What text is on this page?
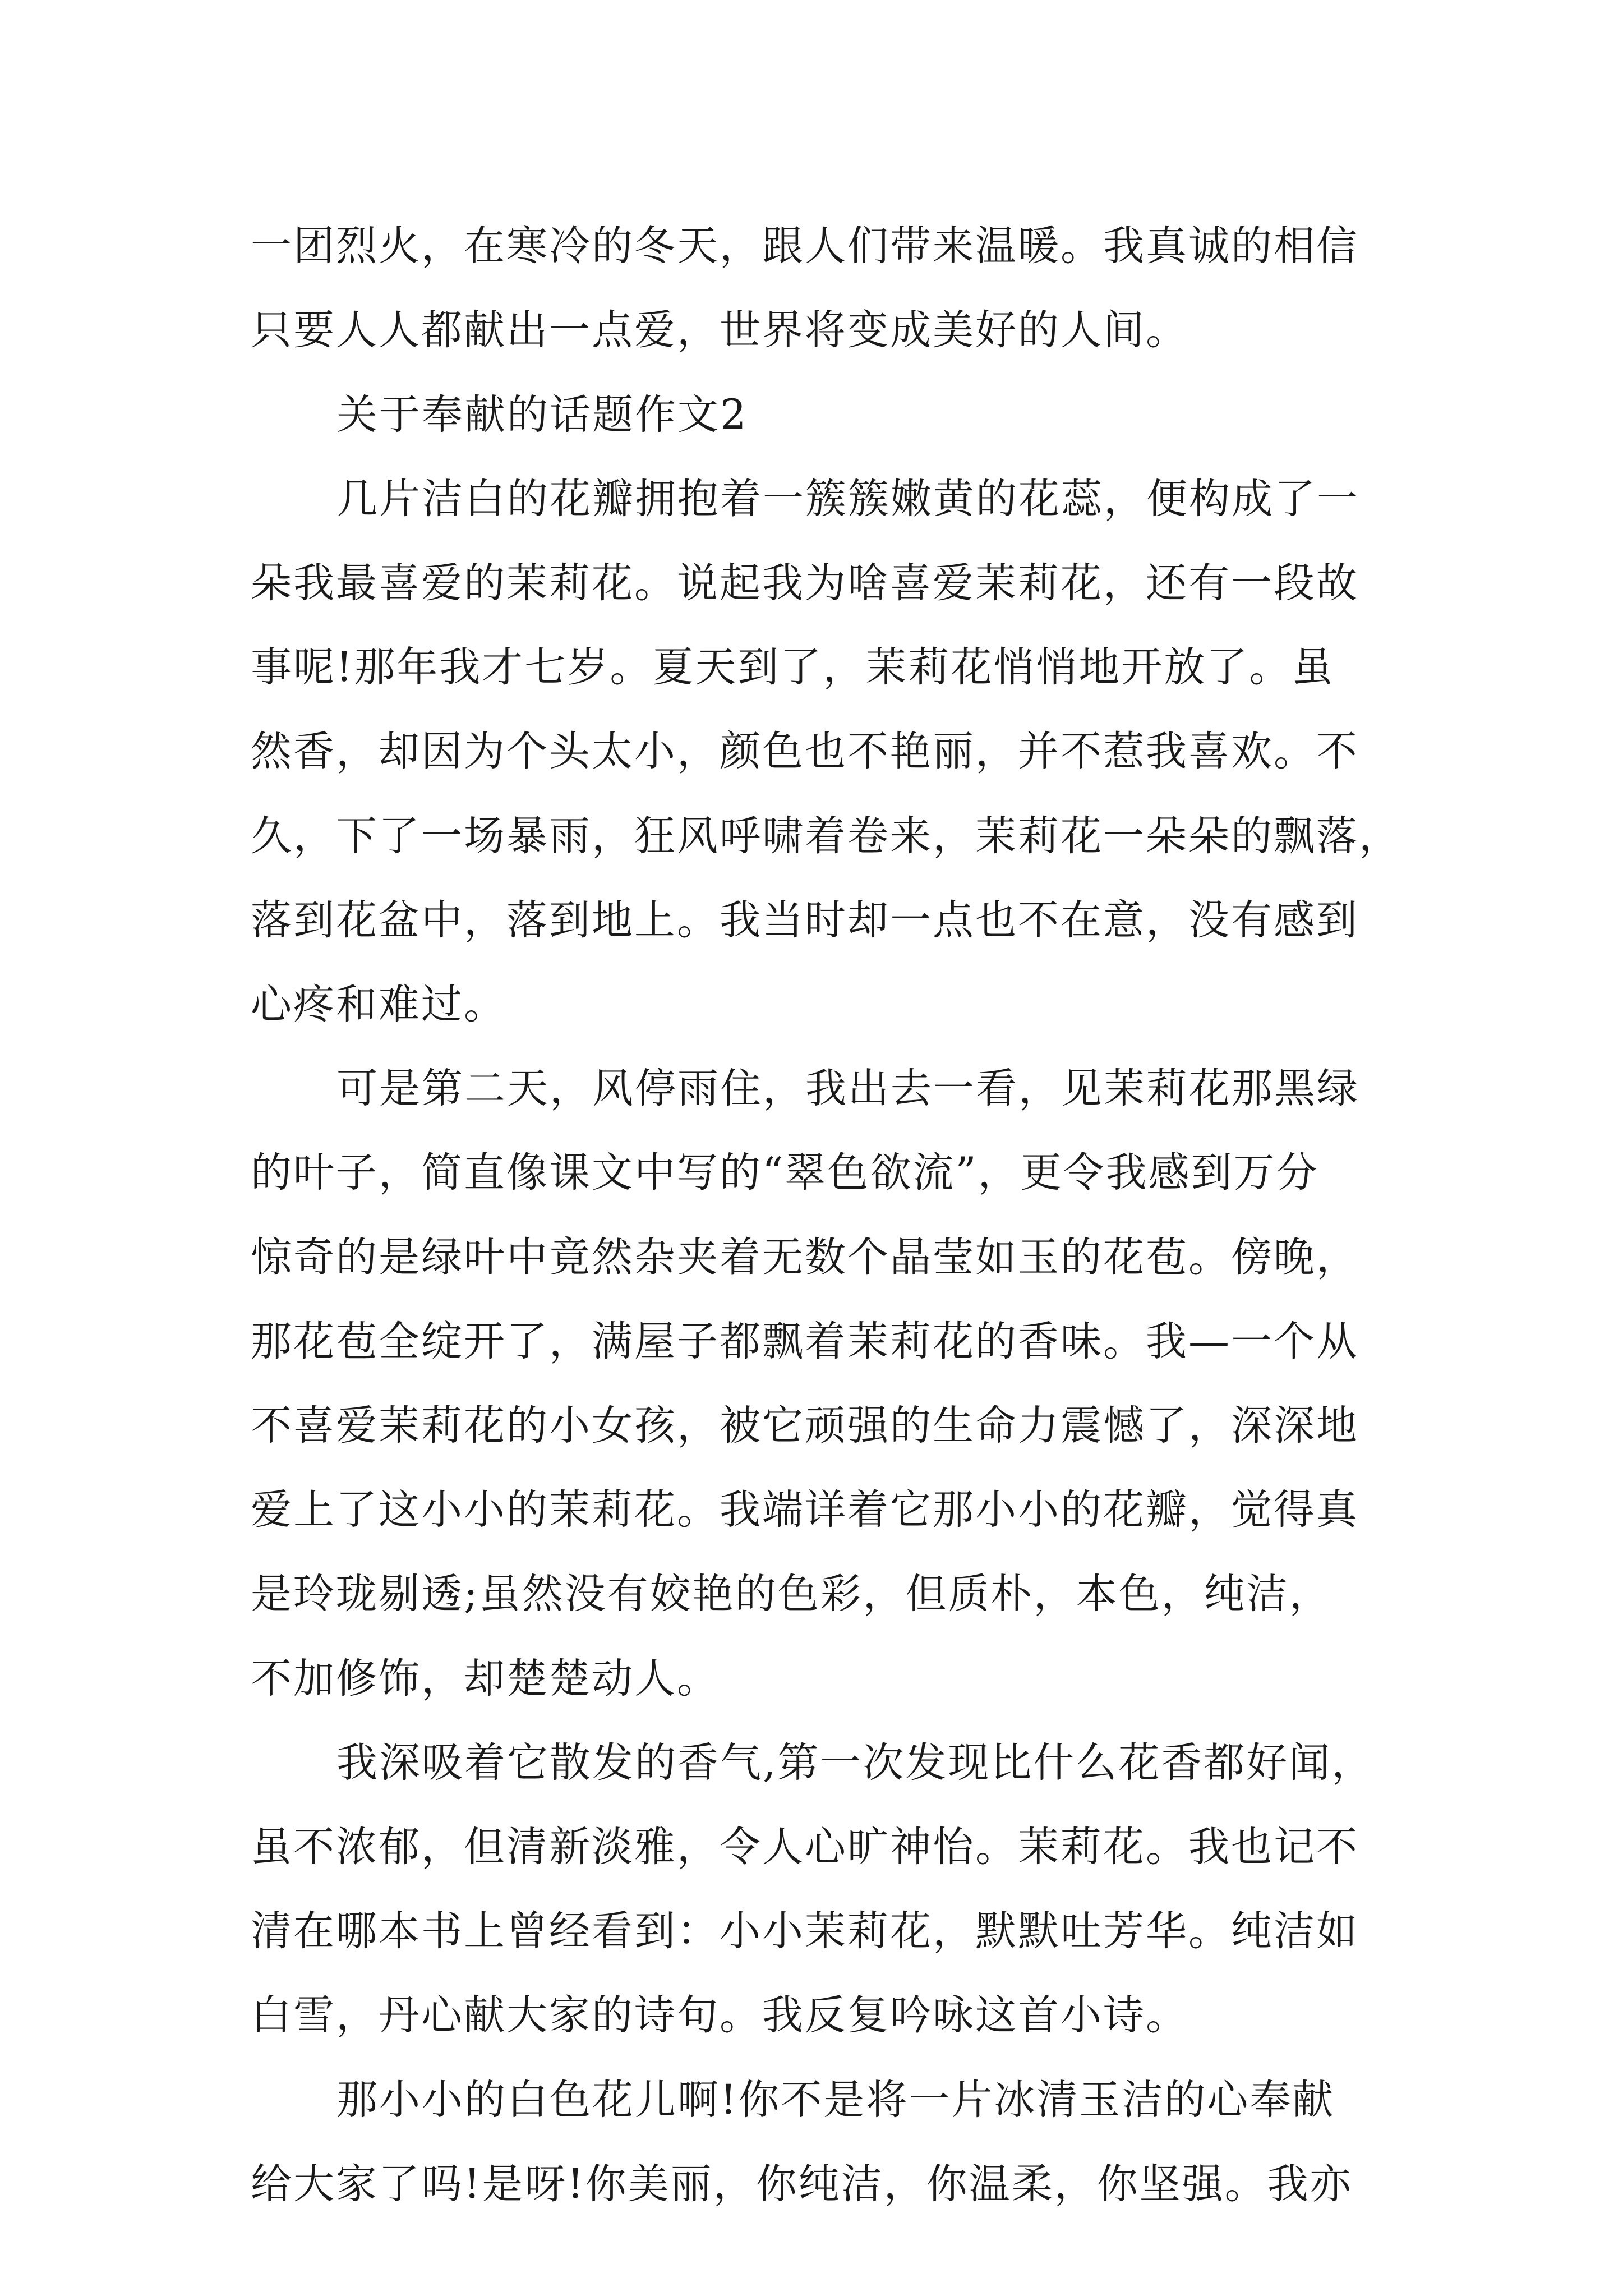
一团烈火，在寒冷的冬天，跟人们带来温暖。我真诚的相信
只要人人都献出一点爱，世界将变成美好的人间。
关于奉献的话题作文2
几片洁白的花瓣拥抱着一簇簇嫩黄的花蕊，便构成了一
朵我最喜爱的茉莉花。说起我为啥喜爱茉莉花，还有一段故
事呢!那年我才七岁。夏天到了，茉莉花悄悄地开放了。虽
然香，却因为个头太小，颜色也不艳丽，并不惹我喜欢。不
久，下了一场暴雨，狂风呼啸着卷来，茉莉花一朵朵的飘落，
落到花盆中，落到地上。我当时却一点也不在意，没有感到
心疼和难过。
可是第二天，风停雨住，我出去一看，见茉莉花那黑绿
的叶子，简直像课文中写的“翠色欲流”，更令我感到万分
惊奇的是绿叶中竟然杂夹着无数个晶莹如玉的花苞。傍晚，
那花苞全绽开了，满屋子都飘着茉莉花的香味。我—一个从
不喜爱茉莉花的小女孩，被它顽强的生命力震憾了，深深地
爱上了这小小的茉莉花。我端详着它那小小的花瓣，觉得真
是玲珑剔透;虽然没有姣艳的色彩，但质朴，本色，纯洁，
不加修饰，却楚楚动人。
我深吸着它散发的香气,第一次发现比什么花香都好闻，
虽不浓郁，但清新淡雅，令人心旷神怡。茉莉花。我也记不
清在哪本书上曾经看到：小小茉莉花，默默吐芳华。纯洁如
白雪，丹心献大家的诗句。我反复吟咏这首小诗。
那小小的白色花儿啊!你不是将一片冰清玉洁的心奉献
给大家了吗!是呀!你美丽，你纯洁，你温柔，你坚强。我亦
